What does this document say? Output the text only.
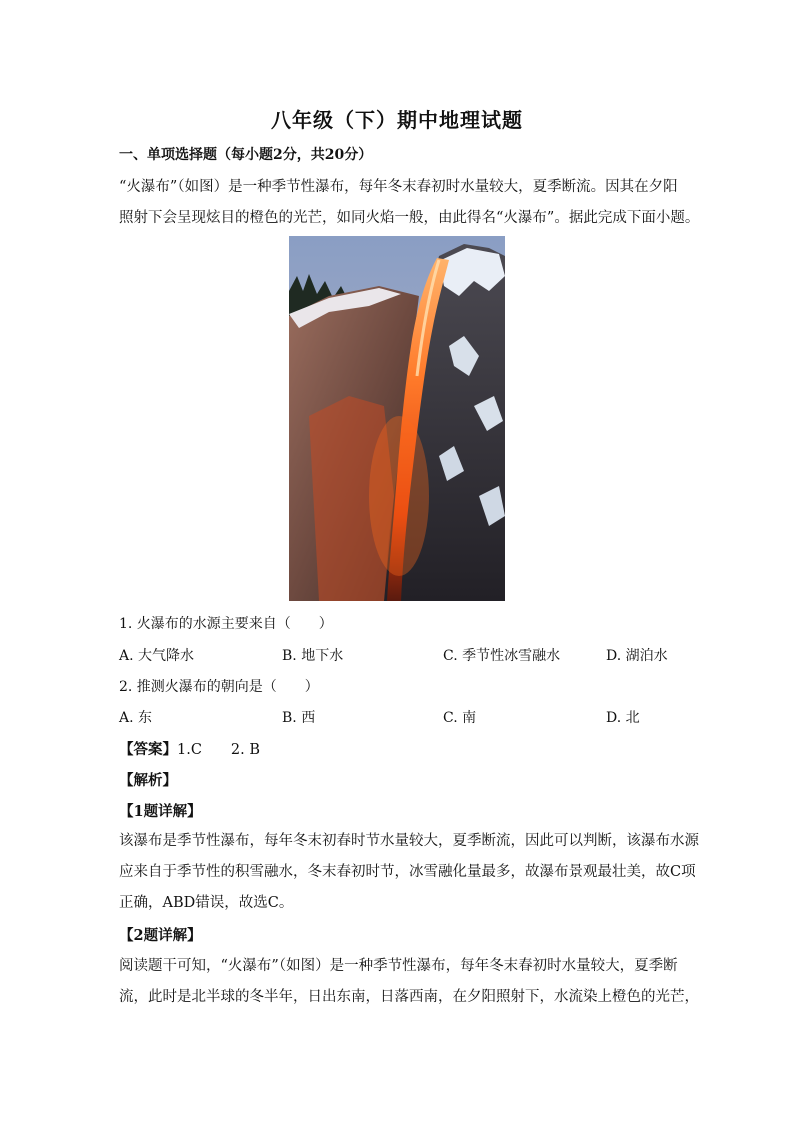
八年级（下）期中地理试题
一、单项选择题（每小题2分，共20分）
“火瀑布”（如图）是一种季节性瀑布，每年冬末春初时水量较大，夏季断流。因其在夕阳
照射下会呈现炫目的橙色的光芒，如同火焰一般，由此得名“火瀑布”。据此完成下面小题。
1. 火瀑布的水源主要来自（　　）
A. 大气降水	B. 地下水	C. 季节性冰雪融水	D. 湖泊水
2. 推测火瀑布的朝向是（　　）
A. 东	B. 西	C. 南	D. 北
【答案】1.C　　2. B
【解析】
【1题详解】
该瀑布是季节性瀑布，每年冬末初春时节水量较大，夏季断流，因此可以判断，该瀑布水源
应来自于季节性的积雪融水，冬末春初时节，冰雪融化量最多，故瀑布景观最壮美，故C项
正确，ABD错误，故选C。
【2题详解】
阅读题干可知，“火瀑布”（如图）是一种季节性瀑布，每年冬末春初时水量较大，夏季断
流，此时是北半球的冬半年，日出东南，日落西南，在夕阳照射下，水流染上橙色的光芒，
